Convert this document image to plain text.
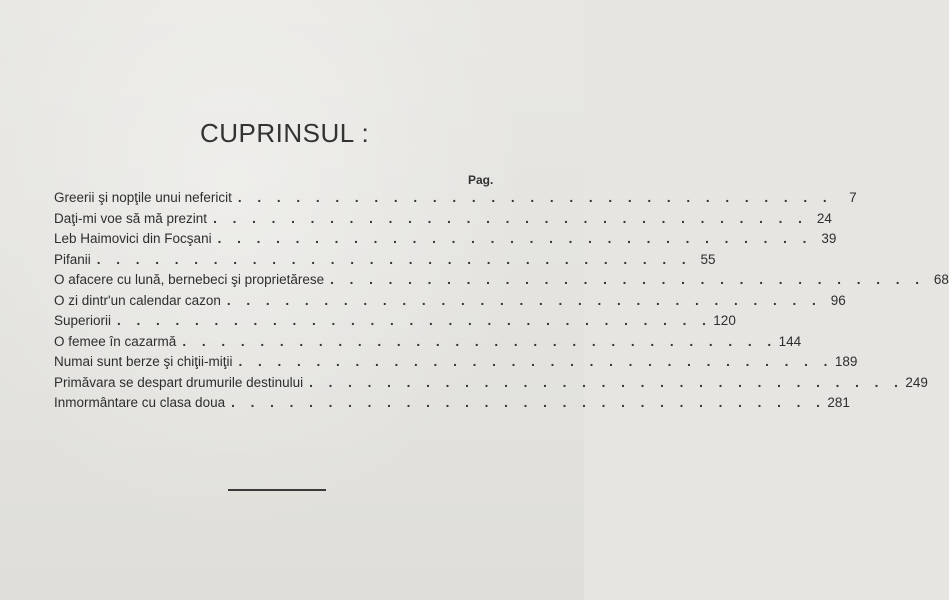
CUPRINSUL :
Pag.
Greerii şi nopţile unui nefericit . . . . . . . . . . . . . . . . . . . . . . . . . . . . . . .	7
Daţi-mi voe să mă prezint . . . . . . . . . . . . . . . . . . . . . . . . . . . . . . . 24
Leb Haimovici din Focşani . . . . . . . . . . . . . . . . . . . . . . . . . . . . . . . 39
Pifanii . . . . . . . . . . . . . . . . . . . . . . . . . . . . . . . 55
O afacere cu lună, bernebeci şi proprietărese . . . . . . . . . . . . . . . . . . . . . . . . . . . . . . . 68
O zi dintr'un calendar cazon . . . . . . . . . . . . . . . . . . . . . . . . . . . . . . . 96
Superiorii . . . . . . . . . . . . . . . . . . . . . . . . . . . . . . . 120
O femee în cazarmă . . . . . . . . . . . . . . . . . . . . . . . . . . . . . . . 144
Numai sunt berze şi chiţii-miţii . . . . . . . . . . . . . . . . . . . . . . . . . . . . . . . 189
Primăvara se despart drumurile destinului . . . . . . . . . . . . . . . . . . . . . . . . . . . . . . . 249
Inmormântare cu clasa doua . . . . . . . . . . . . . . . . . . . . . . . . . . . . . . . 281
